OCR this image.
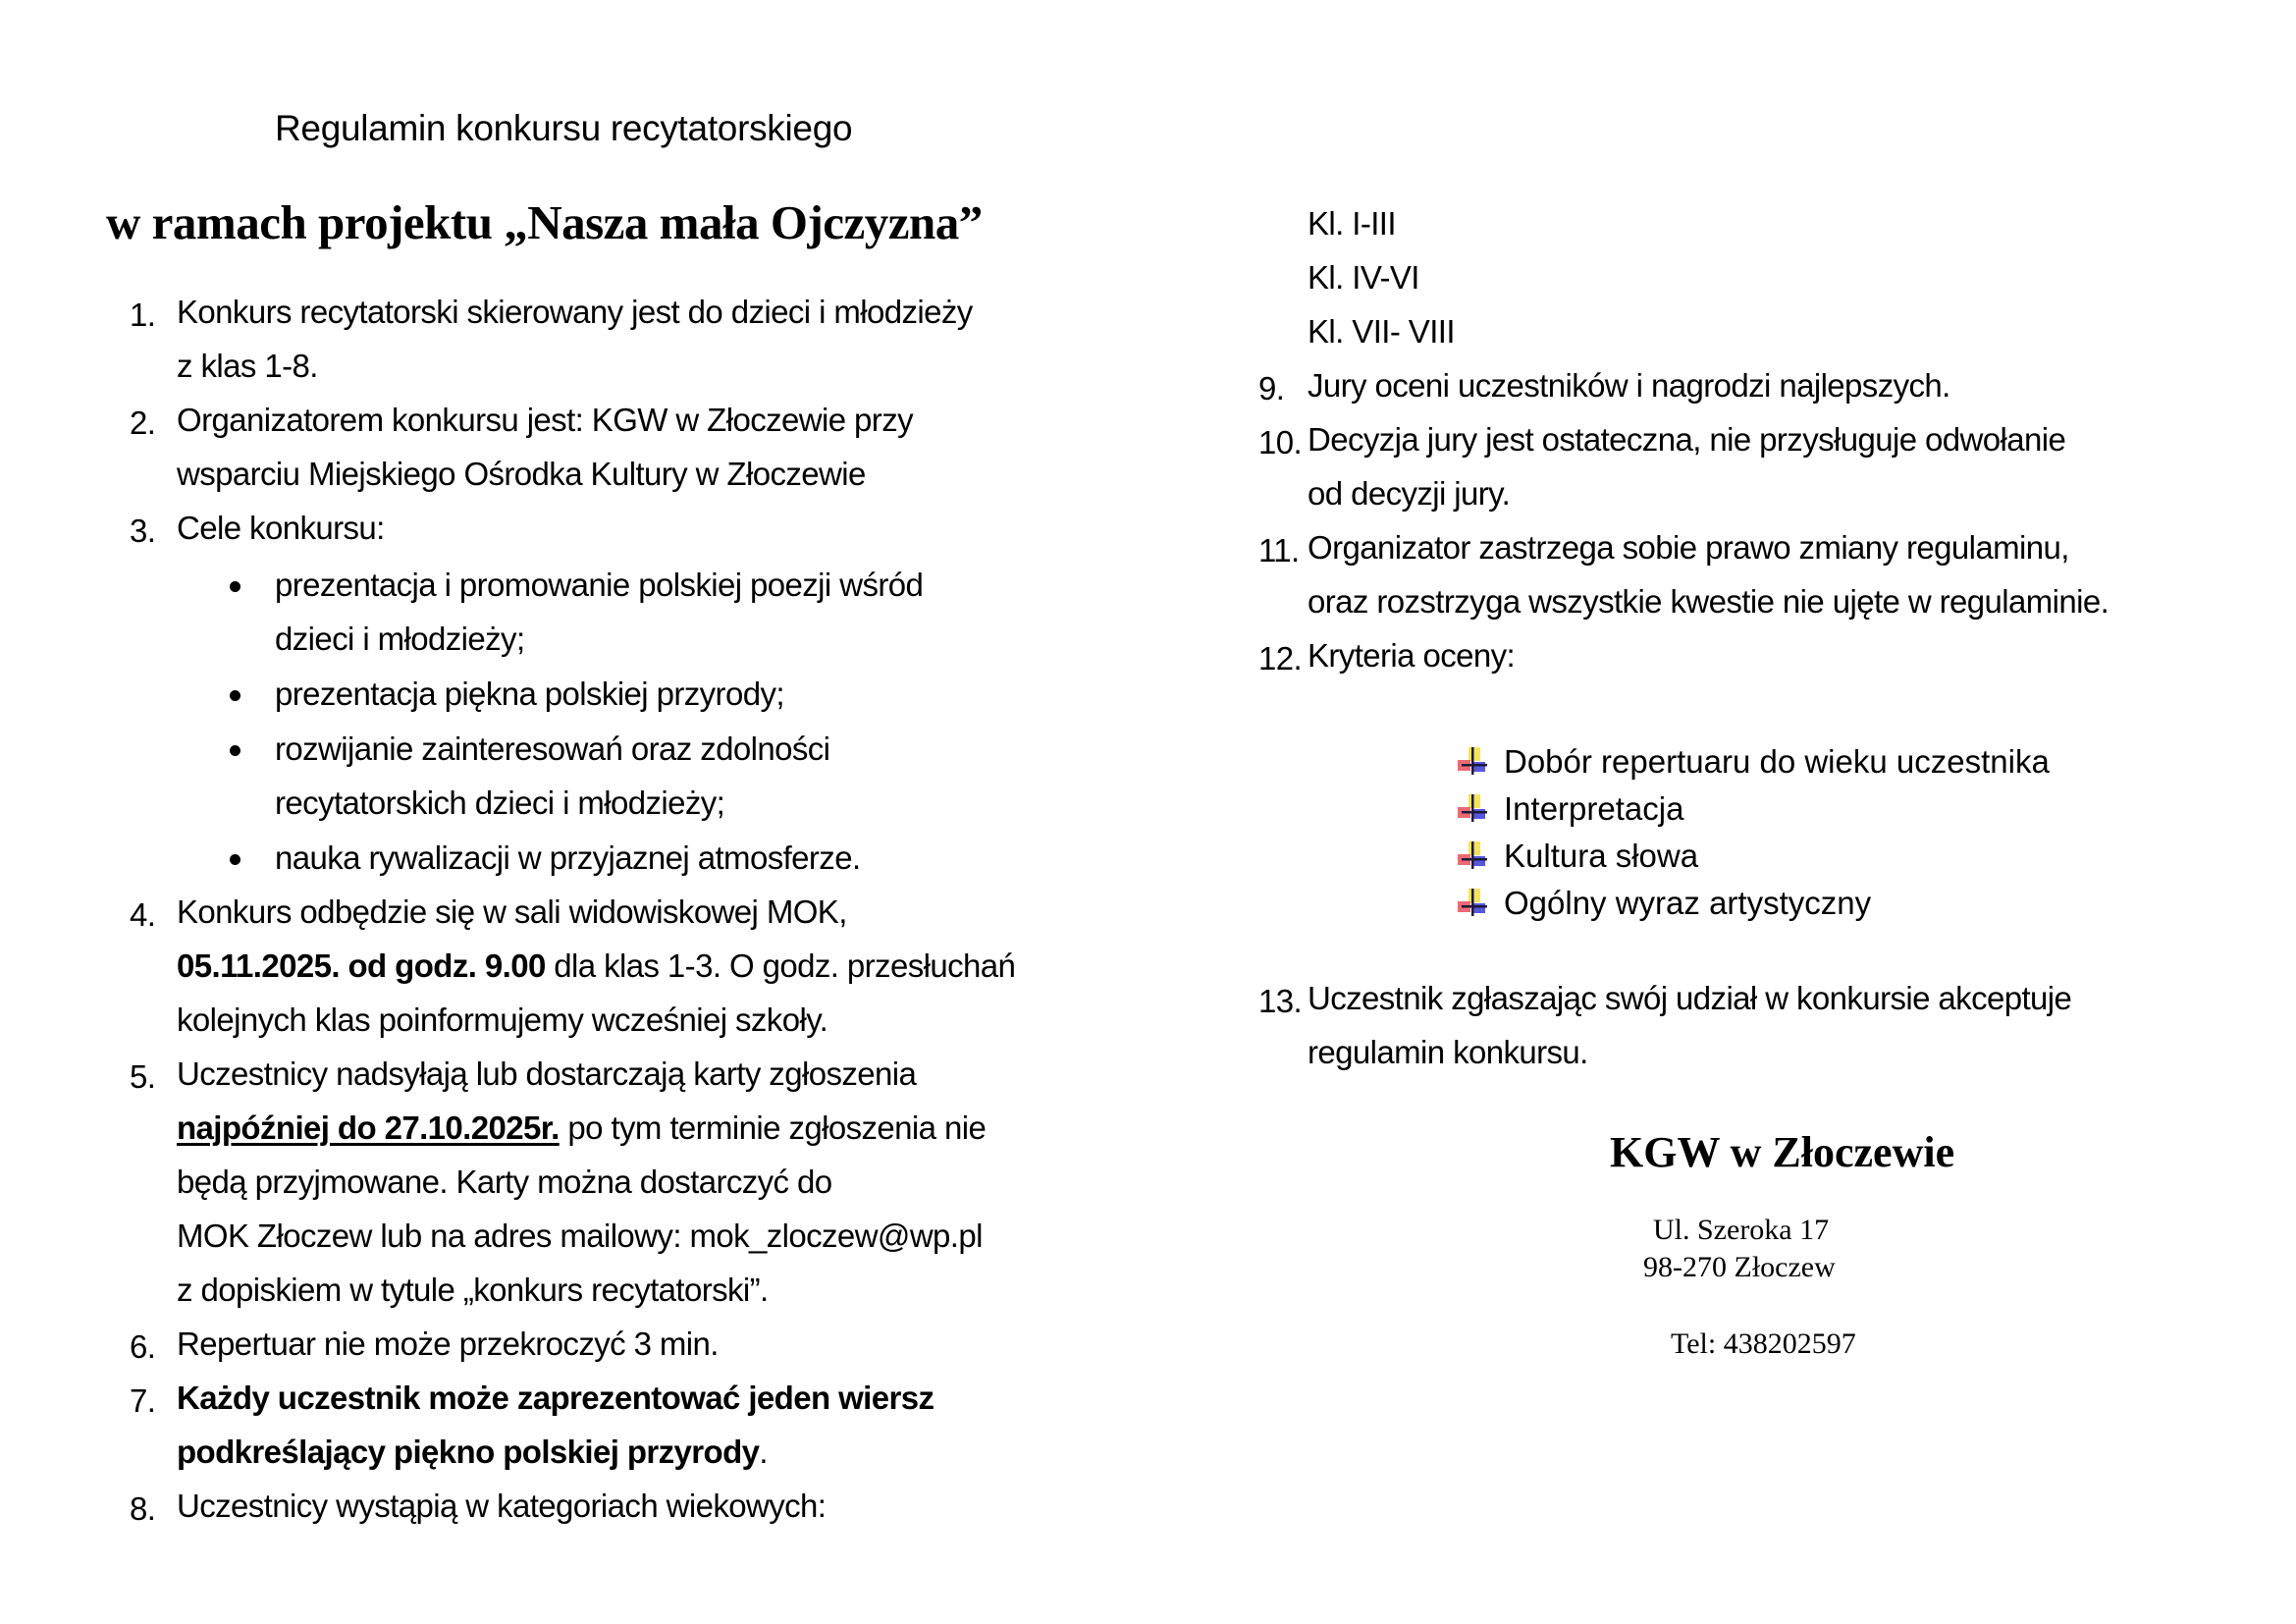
Regulamin konkursu recytatorskiego
w ramach projektu „Nasza mała Ojczyzna”
1. Konkurs recytatorski skierowany jest do dzieci i młodzieży
z klas 1-8.
2. Organizatorem konkursu jest: KGW w Złoczewie przy
wsparciu Miejskiego Ośrodka Kultury w Złoczewie
3. Cele konkursu:
prezentacja i promowanie polskiej poezji wśród
dzieci i młodzieży;
prezentacja piękna polskiej przyrody;
rozwijanie zainteresowań oraz zdolności
recytatorskich dzieci i młodzieży;
nauka rywalizacji w przyjaznej atmosferze.
4. Konkurs odbędzie się w sali widowiskowej MOK,
05.11.2025. od godz. 9.00 dla klas 1-3. O godz. przesłuchań
kolejnych klas poinformujemy wcześniej szkoły.
5. Uczestnicy nadsyłają lub dostarczają karty zgłoszenia
najpóźniej do 27.10.2025r. po tym terminie zgłoszenia nie
będą przyjmowane. Karty można dostarczyć do
MOK Złoczew lub na adres mailowy: mok_zloczew@wp.pl
z dopiskiem w tytule „konkurs recytatorski”.
6. Repertuar nie może przekroczyć 3 min.
7. Każdy uczestnik może zaprezentować jeden wiersz
podkreślający piękno polskiej przyrody.
8. Uczestnicy wystąpią w kategoriach wiekowych:
Kl. I-III
Kl. IV-VI
Kl. VII- VIII
9. Jury oceni uczestników i nagrodzi najlepszych.
10. Decyzja jury jest ostateczna, nie przysługuje odwołanie
od decyzji jury.
11. Organizator zastrzega sobie prawo zmiany regulaminu,
oraz rozstrzyga wszystkie kwestie nie ujęte w regulaminie.
12. Kryteria oceny:
13. Uczestnik zgłaszając swój udział w konkursie akceptuje
regulamin konkursu.
Dobór repertuaru do wieku uczestnika
Interpretacja
Kultura słowa
Ogólny wyraz artystyczny
KGW w Złoczewie
Ul. Szeroka 17
98-270 Złoczew
Tel: 438202597
